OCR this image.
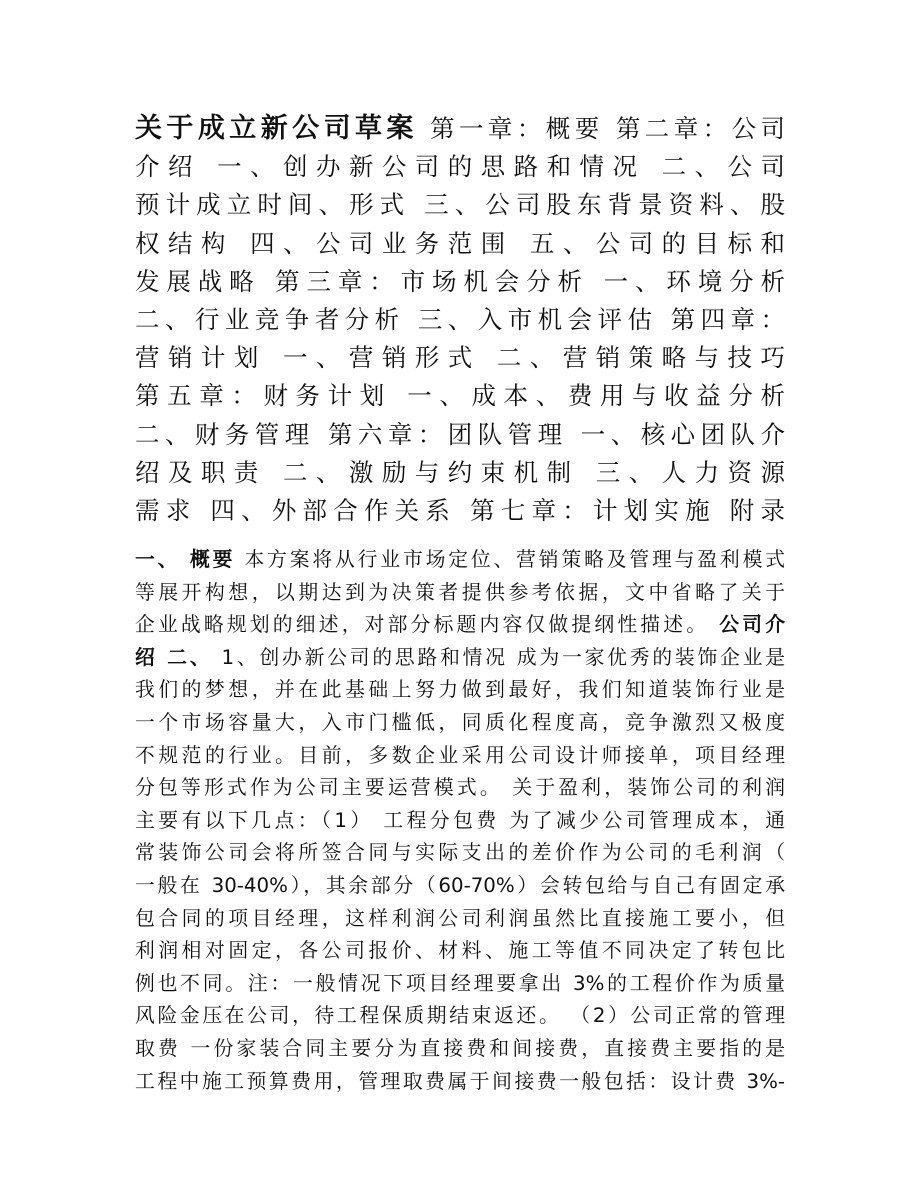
关于成立新公司草案 第一章：概要 第二章：公司
介绍 一、创办新公司的思路和情况 二、公司
预计成立时间、形式 三、公司股东背景资料、股
权结构 四、公司业务范围 五、公司的目标和
发展战略 第三章：市场机会分析 一、环境分析
二、行业竞争者分析 三、入市机会评估 第四章：
营销计划 一、营销形式 二、营销策略与技巧
第五章：财务计划 一、成本、费用与收益分析
二、财务管理 第六章：团队管理 一、核心团队介
绍及职责 二、激励与约束机制 三、人力资源
需求 四、外部合作关系 第七章：计划实施 附录
一、 概要 本方案将从行业市场定位、营销策略及管理与盈利模式
等展开构想，以期达到为决策者提供参考依据，文中省略了关于
企业战略规划的细述，对部分标题内容仅做提纲性描述。 公司介
绍 二、 1、创办新公司的思路和情况 成为一家优秀的装饰企业是
我们的梦想，并在此基础上努力做到最好，我们知道装饰行业是
一个市场容量大，入市门槛低，同质化程度高，竞争激烈又极度
不规范的行业。目前，多数企业采用公司设计师接单，项目经理
分包等形式作为公司主要运营模式。 关于盈利，装饰公司的利润
主要有以下几点：（1） 工程分包费 为了减少公司管理成本，通
常装饰公司会将所签合同与实际支出的差价作为公司的毛利润（
一般在 30-40%），其余部分（60-70%）会转包给与自己有固定承
包合同的项目经理，这样利润公司利润虽然比直接施工要小，但
利润相对固定，各公司报价、材料、施工等值不同决定了转包比
例也不同。注：一般情况下项目经理要拿出 3%的工程价作为质量
风险金压在公司，待工程保质期结束返还。 （2）公司正常的管理
取费 一份家装合同主要分为直接费和间接费，直接费主要指的是
工程中施工预算费用，管理取费属于间接费一般包括：设计费 3%-
